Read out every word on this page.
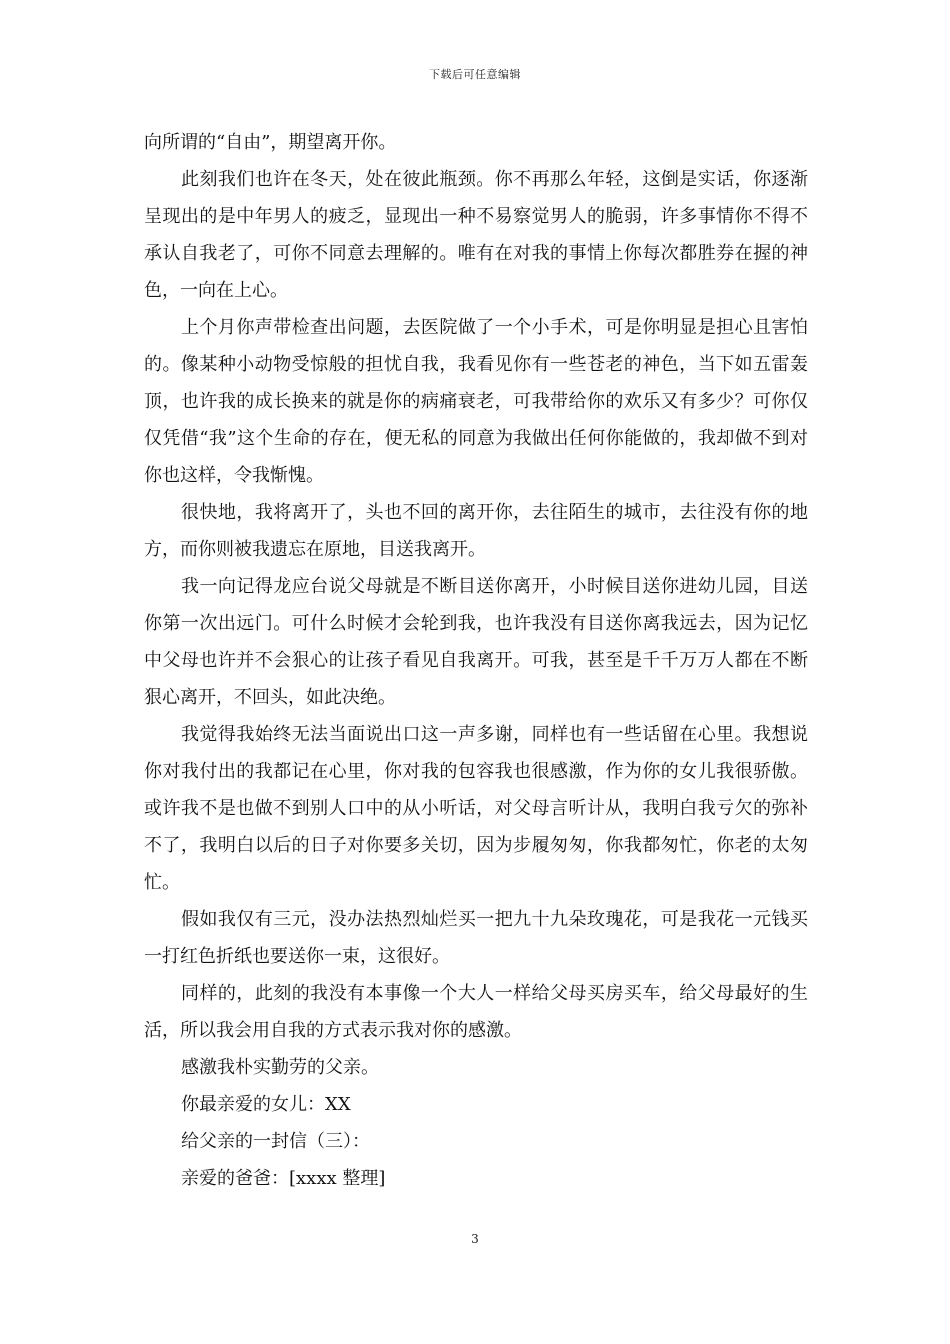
下载后可任意编辑

向所谓的“自由”，期望离开你。

此刻我们也许在冬天，处在彼此瓶颈。你不再那么年轻，这倒是实话，你逐渐呈现出的是中年男人的疲乏，显现出一种不易察觉男人的脆弱，许多事情你不得不承认自我老了，可你不同意去理解的。唯有在对我的事情上你每次都胜券在握的神色，一向在上心。

上个月你声带检查出问题，去医院做了一个小手术，可是你明显是担心且害怕的。像某种小动物受惊般的担忧自我，我看见你有一些苍老的神色，当下如五雷轰顶，也许我的成长换来的就是你的病痛衰老，可我带给你的欢乐又有多少？可你仅仅凭借“我”这个生命的存在，便无私的同意为我做出任何你能做的，我却做不到对你也这样，令我惭愧。

很快地，我将离开了，头也不回的离开你，去往陌生的城市，去往没有你的地方，而你则被我遗忘在原地，目送我离开。

我一向记得龙应台说父母就是不断目送你离开，小时候目送你进幼儿园，目送你第一次出远门。可什么时候才会轮到我，也许我没有目送你离我远去，因为记忆中父母也许并不会狠心的让孩子看见自我离开。可我，甚至是千千万万人都在不断狠心离开，不回头，如此决绝。

我觉得我始终无法当面说出口这一声多谢，同样也有一些话留在心里。我想说你对我付出的我都记在心里，你对我的包容我也很感激，作为你的女儿我很骄傲。或许我不是也做不到别人口中的从小听话，对父母言听计从，我明白我亏欠的弥补不了，我明白以后的日子对你要多关切，因为步履匆匆，你我都匆忙，你老的太匆忙。

假如我仅有三元，没办法热烈灿烂买一把九十九朵玫瑰花，可是我花一元钱买一打红色折纸也要送你一束，这很好。

同样的，此刻的我没有本事像一个大人一样给父母买房买车，给父母最好的生活，所以我会用自我的方式表示我对你的感激。

感激我朴实勤劳的父亲。

你最亲爱的女儿：XX

给父亲的一封信（三）：

亲爱的爸爸：[xxxx 整理]

3
